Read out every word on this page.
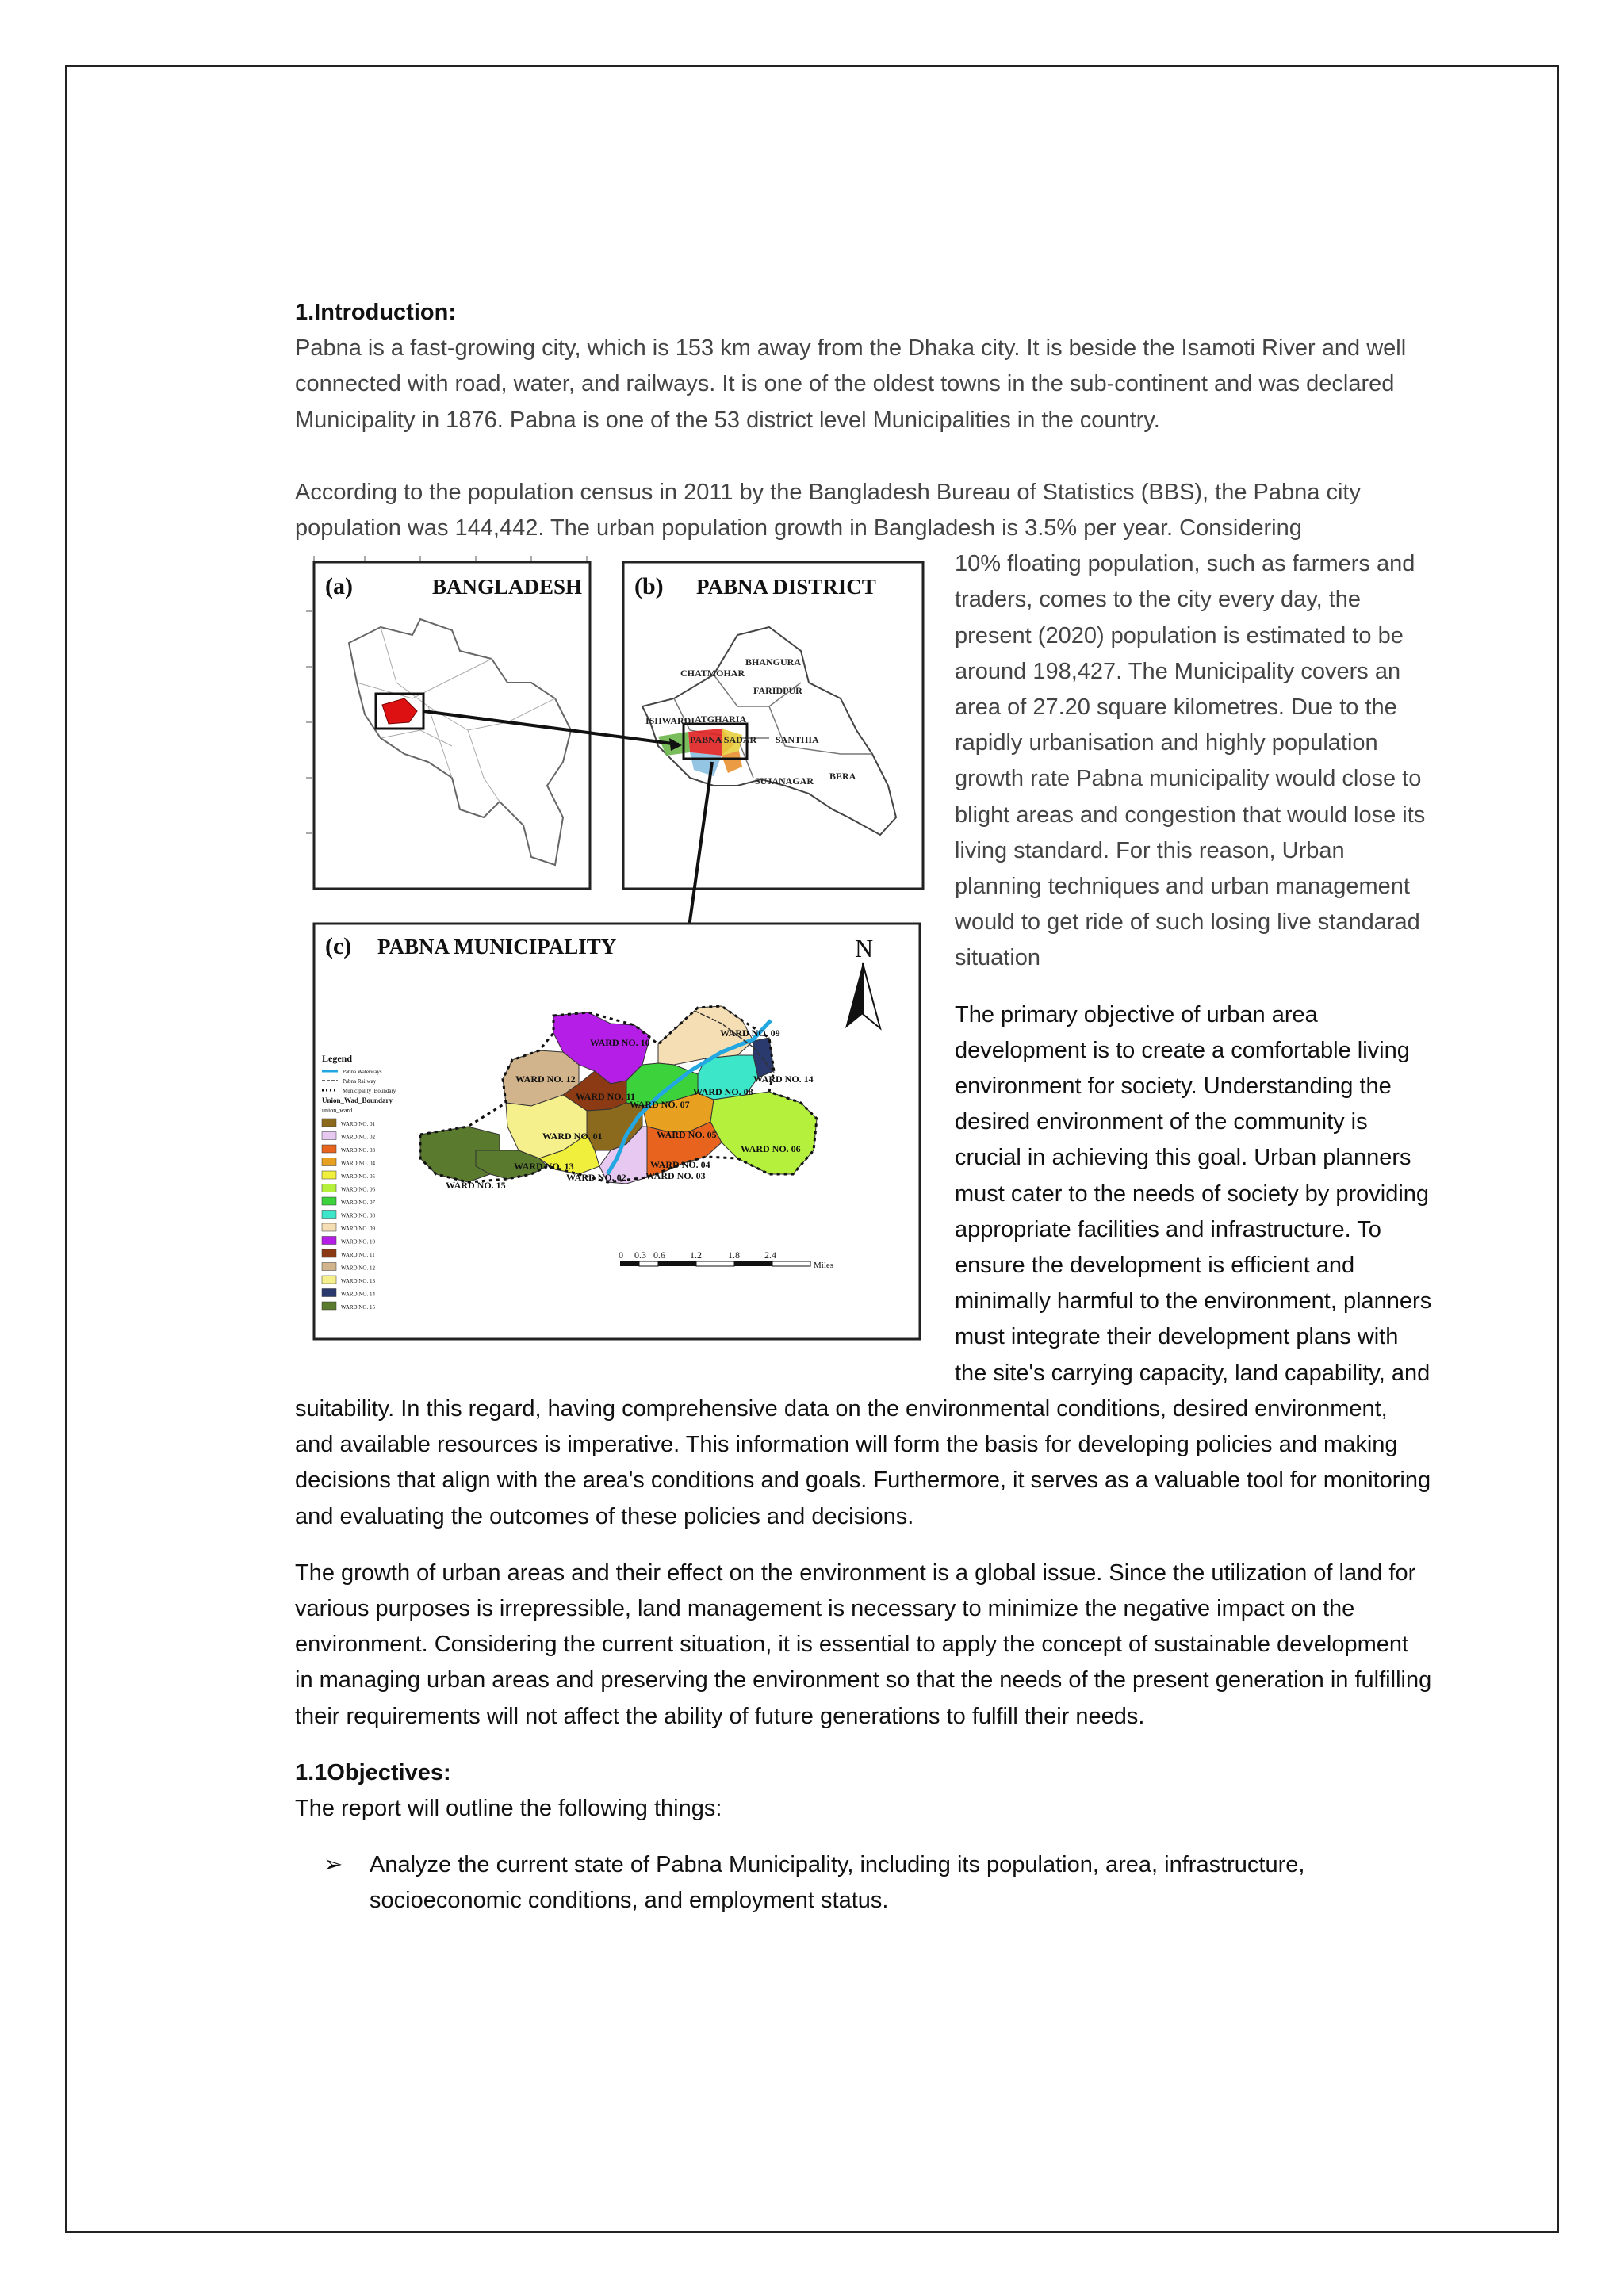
1.Introduction:

Pabna is a fast-growing city, which is 153 km away from the Dhaka city. It is beside the Isamoti River and well connected with road, water, and railways. It is one of the oldest towns in the sub-continent and was declared Municipality in 1876. Pabna is one of the 53 district level Municipalities in the country.

According to the population census in 2011 by the Bangladesh Bureau of Statistics (BBS), the Pabna city population was 144,442. The urban population growth in Bangladesh is 3.5% per year. Considering

(a)	BANGLADESH (b) PABNA DISTRICT
CHATMOHAR
BHANGURA
FARIDPUR
ISHWARDI ATGHARIA
PABNA SADAR SANTHIA
BERA
SUJANAGAR
(c) PABNA MUNICIPALITY	N
WARD NO. 10
WARD NO. 09
WARD NO. 12
WARD NO. 11	WARD NO. 08
WARD NO. 14
WARD NO. 07
WARD NO. 01	WARD NO. 05
WARD NO. 13
WARD NO. 02
WARD NO. 04
WARD NO. 03
WARD NO. 06
WARD NO. 15
Legend
Pabna Waterways
Pabna Railway
Municipality_Boundary
Union_Wad_Boundary
union_ward
WARD NO. 01
WARD NO. 02
WARD NO. 03
WARD NO. 04
WARD NO. 05
WARD NO. 06
WARD NO. 07
WARD NO. 08
WARD NO. 09
WARD NO. 10
WARD NO. 11
WARD NO. 12
WARD NO. 13
WARD NO. 14
WARD NO. 15
0 0.3 0.6	1.2	1.8	2.4
Miles

10% floating population, such as farmers and traders, comes to the city every day, the present (2020) population is estimated to be around 198,427. The Municipality covers an area of 27.20 square kilometres. Due to the rapidly urbanisation and highly population growth rate Pabna municipality would close to blight areas and congestion that would lose its living standard. For this reason, Urban planning techniques and urban management would to get ride of such losing live standarad situation

The primary objective of urban area development is to create a comfortable living environment for society. Understanding the desired environment of the community is crucial in achieving this goal. Urban planners must cater to the needs of society by providing appropriate facilities and infrastructure. To ensure the development is efficient and minimally harmful to the environment, planners must integrate their development plans with the site's carrying capacity, land capability, and suitability. In this regard, having comprehensive data on the environmental conditions, desired environment, and available resources is imperative. This information will form the basis for developing policies and making decisions that align with the area's conditions and goals. Furthermore, it serves as a valuable tool for monitoring and evaluating the outcomes of these policies and decisions.

The growth of urban areas and their effect on the environment is a global issue. Since the utilization of land for various purposes is irrepressible, land management is necessary to minimize the negative impact on the environment. Considering the current situation, it is essential to apply the concept of sustainable development in managing urban areas and preserving the environment so that the needs of the present generation in fulfilling their requirements will not affect the ability of future generations to fulfill their needs.

1.1Objectives:

The report will outline the following things:

➢	Analyze the current state of Pabna Municipality, including its population, area, infrastructure, socioeconomic conditions, and employment status.
